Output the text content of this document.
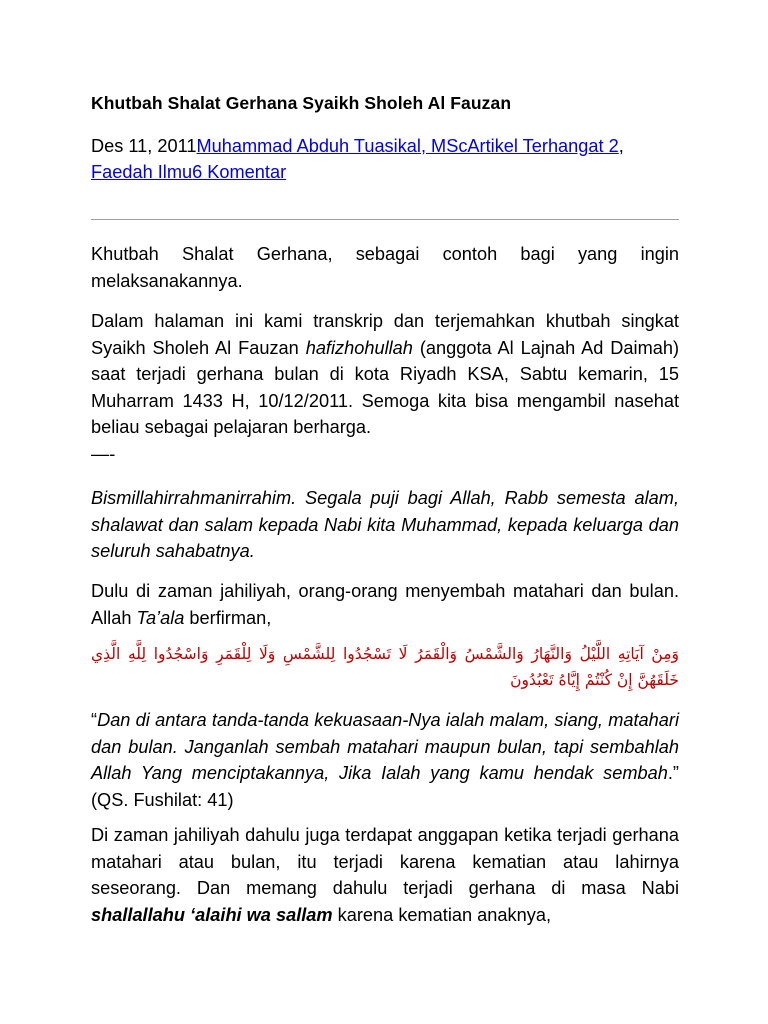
Khutbah Shalat Gerhana Syaikh Sholeh Al Fauzan
Des 11, 2011Muhammad Abduh Tuasikal, MScArtikel Terhangat 2, Faedah Ilmu6 Komentar

Khutbah Shalat Gerhana, sebagai contoh bagi yang ingin melaksanakannya.

Dalam halaman ini kami transkrip dan terjemahkan khutbah singkat Syaikh Sholeh Al Fauzan hafizhohullah (anggota Al Lajnah Ad Daimah) saat terjadi gerhana bulan di kota Riyadh KSA, Sabtu kemarin, 15 Muharram 1433 H, 10/12/2011. Semoga kita bisa mengambil nasehat beliau sebagai pelajaran berharga.

—-

Bismillahirrahmanirrahim. Segala puji bagi Allah, Rabb semesta alam, shalawat dan salam kepada Nabi kita Muhammad, kepada keluarga dan seluruh sahabatnya.

Dulu di zaman jahiliyah, orang-orang menyembah matahari dan bulan. Allah Ta’ala berfirman,

وَمِنْ آيَاتِهِ اللَّيْلُ وَالنَّهَارُ وَالشَّمْسُ وَالْقَمَرُ لَا تَسْجُدُوا لِلشَّمْسِ وَلَا لِلْقَمَرِ وَاسْجُدُوا لِلَّهِ الَّذِي خَلَقَهُنَّ إِنْ كُنْتُمْ إِيَّاهُ تَعْبُدُونَ

“Dan di antara tanda-tanda kekuasaan-Nya ialah malam, siang, matahari dan bulan. Janganlah sembah matahari maupun bulan, tapi sembahlah Allah Yang menciptakannya, Jika Ialah yang kamu hendak sembah.” (QS. Fushilat: 41)

Di zaman jahiliyah dahulu juga terdapat anggapan ketika terjadi gerhana matahari atau bulan, itu terjadi karena kematian atau lahirnya seseorang. Dan memang dahulu terjadi gerhana di masa Nabi shallallahu ‘alaihi wa sallam karena kematian anaknya,
